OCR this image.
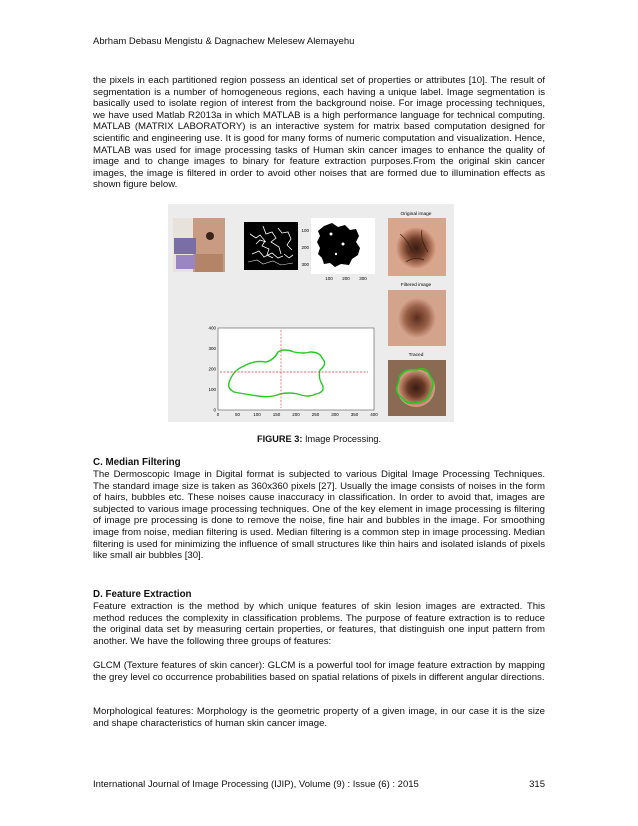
Abrham Debasu Mengistu & Dagnachew Melesew Alemayehu

the pixels in each partitioned region possess an identical set of properties or attributes [10]. The result of segmentation is a number of homogeneous regions, each having a unique label. Image segmentation is basically used to isolate region of interest from the background noise. For image processing techniques, we have used Matlab R2013a in which MATLAB is a high performance language for technical computing. MATLAB (MATRIX LABORATORY) is an interactive system for matrix based computation designed for scientific and engineering use. It is good for many forms of numeric computation and visualization. Hence, MATLAB was used for image processing tasks of Human skin cancer images to enhance the quality of image and to change images to binary for feature extraction purposes.From the original skin cancer images, the image is filtered in order to avoid other noises that are formed due to illumination effects as shown figure below.

100
200
300
100 200 300
Original image
Filtered image
Traced
0	50	100	150	200	250	300	350	400
0
100
200
300
400
FIGURE 3: Image Processing.
C. Median Filtering

The Dermoscopic Image in Digital format is subjected to various Digital Image Processing Techniques. The standard image size is taken as 360x360 pixels [27]. Usually the image consists of noises in the form of hairs, bubbles etc. These noises cause inaccuracy in classification. In order to avoid that, images are subjected to various image processing techniques. One of the key element in image processing is filtering of image pre processing is done to remove the noise, fine hair and bubbles in the image. For smoothing image from noise, median filtering is used. Median filtering is a common step in image processing. Median filtering is used for minimizing the influence of small structures like thin hairs and isolated islands of pixels like small air bubbles [30].

D. Feature Extraction

Feature extraction is the method by which unique features of skin lesion images are extracted. This method reduces the complexity in classification problems. The purpose of feature extraction is to reduce the original data set by measuring certain properties, or features, that distinguish one input pattern from another. We have the following three groups of features:

GLCM (Texture features of skin cancer): GLCM is a powerful tool for image feature extraction by mapping the grey level co occurrence probabilities based on spatial relations of pixels in different angular directions.

Morphological features: Morphology is the geometric property of a given image, in our case it is the size and shape characteristics of human skin cancer image.

International Journal of Image Processing (IJIP), Volume (9) : Issue (6) : 2015	315
